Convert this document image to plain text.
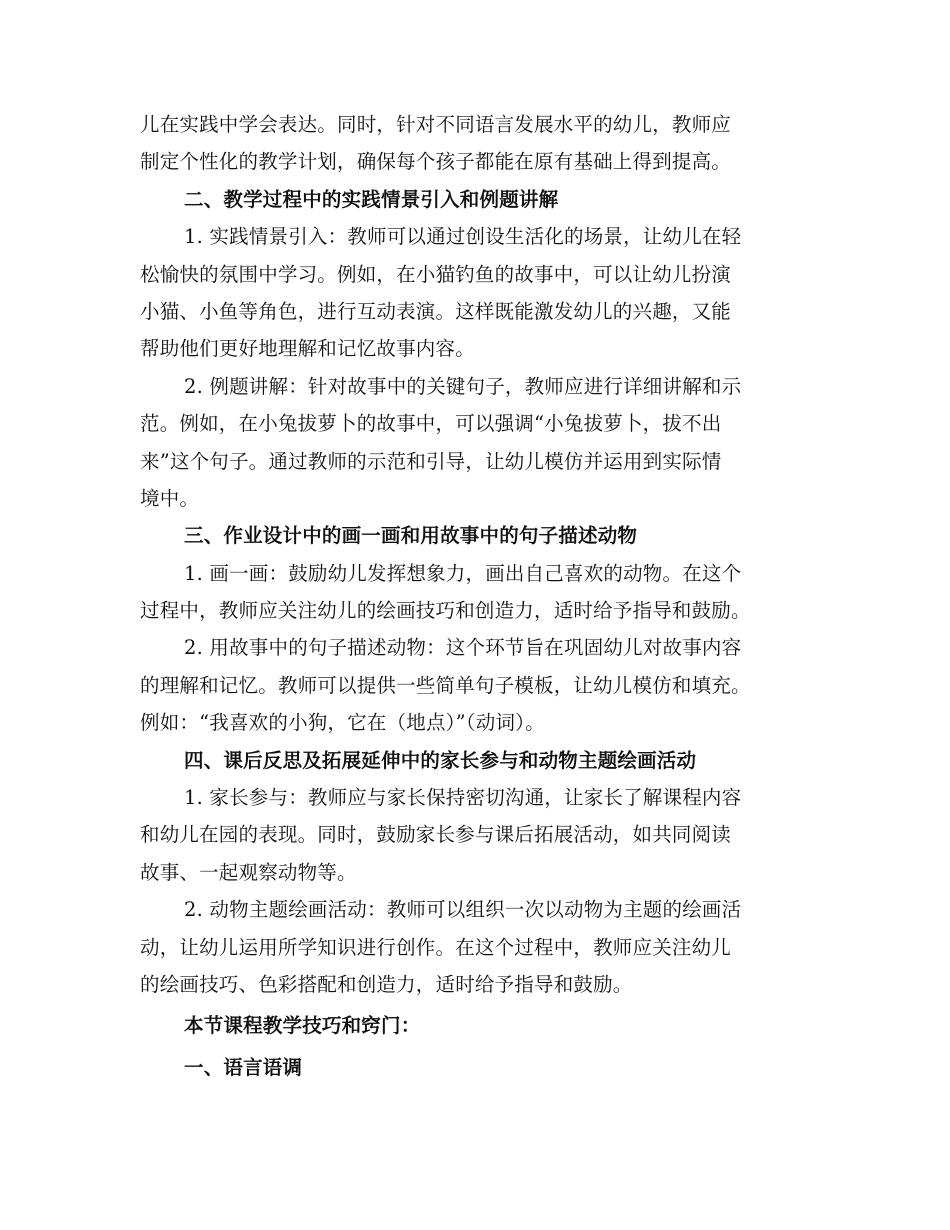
儿在实践中学会表达。同时，针对不同语言发展水平的幼儿，教师应
制定个性化的教学计划，确保每个孩子都能在原有基础上得到提高。
二、教学过程中的实践情景引入和例题讲解
1. 实践情景引入：教师可以通过创设生活化的场景，让幼儿在轻
松愉快的氛围中学习。例如，在小猫钓鱼的故事中，可以让幼儿扮演
小猫、小鱼等角色，进行互动表演。这样既能激发幼儿的兴趣，又能
帮助他们更好地理解和记忆故事内容。
2. 例题讲解：针对故事中的关键句子，教师应进行详细讲解和示
范。例如，在小兔拔萝卜的故事中，可以强调“小兔拔萝卜，拔不出
来”这个句子。通过教师的示范和引导，让幼儿模仿并运用到实际情
境中。
三、作业设计中的画一画和用故事中的句子描述动物
1. 画一画：鼓励幼儿发挥想象力，画出自己喜欢的动物。在这个
过程中，教师应关注幼儿的绘画技巧和创造力，适时给予指导和鼓励。
2. 用故事中的句子描述动物：这个环节旨在巩固幼儿对故事内容
的理解和记忆。教师可以提供一些简单句子模板，让幼儿模仿和填充。
例如：“我喜欢的小狗，它在（地点）”（动词）。
四、课后反思及拓展延伸中的家长参与和动物主题绘画活动
1. 家长参与：教师应与家长保持密切沟通，让家长了解课程内容
和幼儿在园的表现。同时，鼓励家长参与课后拓展活动，如共同阅读
故事、一起观察动物等。
2. 动物主题绘画活动：教师可以组织一次以动物为主题的绘画活
动，让幼儿运用所学知识进行创作。在这个过程中，教师应关注幼儿
的绘画技巧、色彩搭配和创造力，适时给予指导和鼓励。
本节课程教学技巧和窍门：
一、语言语调
